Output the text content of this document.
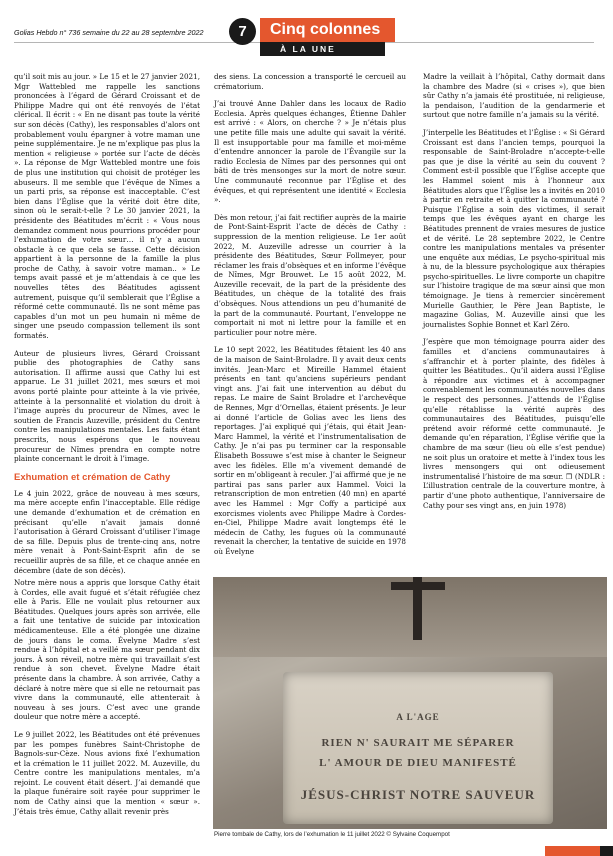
Golias Hebdo n° 736 semaine du 22 au 28 septembre 2022	7	Cinq colonnes
À LA UNE

qu’il soit mis au jour. » Le 15 et le 27 janvier 2021, Mgr Wattebled me rappelle les sanctions prononcées à l’égard de Gérard Croissant et de Philippe Madre qui ont été renvoyés de l’état clérical. Il écrit : « En ne disant pas toute la vérité sur son décès (Cathy), les responsables d’alors ont probablement voulu épargner à votre maman une peine supplémentaire. Je ne m’explique pas plus la mention « religieuse » portée sur l’acte de décès ». La réponse de Mgr Wattebled montre une fois de plus une institution qui choisit de protéger les abuseurs. Il me semble que l’évêque de Nîmes a un parti pris, sa réponse est inacceptable. C’est bien dans l’Église que la vérité doit être dite, sinon où le serait-t-elle ? Le 30 janvier 2021, la présidente des Béatitudes m’écrit : « Vous nous demandez comment nous pourrions procéder pour l’exhumation de votre sœur… il n’y a aucun obstacle à ce que cela se fasse. Cette décision appartient à la personne de la famille la plus proche de Cathy, à savoir votre maman.. » Le temps avait passé et je m’attendais à ce que les nouvelles têtes des Béatitudes agissent autrement, puisque qu’il semblerait que l’Église a réformé cette communauté. Ils ne sont même pas capables d’un mot un peu humain ni même de singer une pseudo compassion tellement ils sont formatés.

Auteur de plusieurs livres, Gérard Croissant publie des photographies de Cathy sans autorisation. Il affirme aussi que Cathy lui est apparue. Le 31 juillet 2021, mes sœurs et moi avons porté plainte pour atteinte à la vie privée, atteinte à la personnalité et violation du droit à l’image auprès du procureur de Nîmes, avec le soutien de Francis Auzeville, président du Centre contre les manipulations mentales. Les faits étant prescrits, nous espérons que le nouveau procureur de Nîmes prendra en compte notre plainte concernant le droit à l’image.

Exhumation et crémation de Cathy

Le 4 juin 2022, grâce de nouveau à mes sœurs, ma mère accepte enfin l’inacceptable. Elle rédige une demande d’exhumation et de crémation en précisant qu’elle n’avait jamais donné l’autorisation à Gérard Croissant d’utiliser l’image de sa fille. Depuis plus de trente-cinq ans, notre mère venait à Pont-Saint-Esprit afin de se recueillir auprès de sa fille, et ce chaque année en décembre (date de son décès).

Notre mère nous a appris que lorsque Cathy était à Cordes, elle avait fugué et s’était réfugiée chez elle à Paris. Elle ne voulait plus retourner aux Béatitudes. Quelques jours après son arrivée, elle a fait une tentative de suicide par intoxication médicamenteuse. Elle a été plongée une dizaine de jours dans le coma. Évelyne Madre s’est rendue à l’hôpital et a veillé ma sœur pendant dix jours. À son réveil, notre mère qui travaillait s’est rendue à son chevet. Évelyne Madre était présente dans la chambre. À son arrivée, Cathy a déclaré à notre mère que si elle ne retournait pas vivre dans la communauté, elle attenterait à nouveau à ses jours. C’est avec une grande douleur que notre mère a accepté.

Le 9 juillet 2022, les Béatitudes ont été prévenues par les pompes funèbres Saint-Christophe de Bagnols-sur-Cèze. Nous avions fixé l’exhumation et la crémation le 11 juillet 2022. M. Auzeville, du Centre contre les manipulations mentales, m’a rejoint. Le couvent était désert. J’ai demandé que la plaque funéraire soit rayée pour supprimer le nom de Cathy ainsi que la mention « sœur ». J’étais très émue, Cathy allait revenir près

des siens. La concession a transporté le cercueil au crématorium.

J’ai trouvé Anne Dahler dans les locaux de Radio Ecclesia. Après quelques échanges, Étienne Dahler est arrivé : « Alors, on cherche ? » Je n’étais plus une petite fille mais une adulte qui savait la vérité. Il est insupportable pour ma famille et moi-même d’entendre annoncer la parole de l’Évangile sur la radio Ecclesia de Nîmes par des personnes qui ont bâti de très mensonges sur la mort de notre sœur. Une communauté reconnue par l’Église et des évêques, et qui représentent une identité « Ecclesia ».

Dès mon retour, j’ai fait rectifier auprès de la mairie de Pont-Saint-Esprit l’acte de décès de Cathy : suppression de la mention religieuse. Le 1er août 2022, M. Auzeville adresse un courrier à la présidente des Béatitudes, Sœur Follmeyer, pour réclamer les frais d’obsèques et en informe l’évêque de Nîmes, Mgr Brouwet. Le 15 août 2022, M. Auzeville recevait, de la part de la présidente des Béatitudes, un chèque de la totalité des frais d’obsèques. Nous attendions un peu d’humanité de la part de la communauté. Pourtant, l’enveloppe ne comportait ni mot ni lettre pour la famille et en particulier pour notre mère.

Le 10 sept 2022, les Béatitudes fêtaient les 40 ans de la maison de Saint-Broladre. Il y avait deux cents invités. Jean-Marc et Mireille Hammel étaient présents en tant qu’anciens supérieurs pendant vingt ans. J’ai fait une intervention au début du repas. Le maire de Saint Broladre et l’archevêque de Rennes, Mgr d’Ornellas, étaient présents. Je leur ai donné l’article de Golias avec les liens des reportages. J’ai expliqué qui j’étais, qui était Jean-Marc Hammel, la vérité et l’instrumentalisation de Cathy. Je n’ai pas pu terminer car la responsable Élisabeth Bossuwe s’est mise à chanter le Seigneur avec les fidèles. Elle m’a vivement demandé de sortir en m’obligeant à reculer. J’ai affirmé que je ne partirai pas sans parler aux Hammel. Voici la retranscription de mon entretien (40 mn) en aparté avec les Hammel : Mgr Coffy a participé aux exorcismes violents avec Philippe Madre à Cordes-en-Ciel, Philippe Madre avait longtemps été le médecin de Cathy, les fugues où la communauté revenait la chercher, la tentative de suicide en 1978 où Évelyne

Madre la veillait à l’hôpital, Cathy dormait dans la chambre des Madre (si « crises »), que bien sûr Cathy n’a jamais été prostituée, ni religieuse, la pendaison, l’audition de la gendarmerie et surtout que notre famille n’a jamais su la vérité.

J’interpelle les Béatitudes et l’Église : « Si Gérard Croissant est dans l’ancien temps, pourquoi la responsable de Saint-Broladre n’accepte-t-elle pas que je dise la vérité au sein du couvent ? Comment est-il possible que l’Église accepte que les Hammel soient mis à l’honneur aux Béatitudes alors que l’Église les a invités en 2010 à partir en retraite et à quitter la communauté ? Puisque l’Église a soin des victimes, il serait temps que les évêques ayant en charge les Béatitudes prennent de vraies mesures de justice et de vérité. Le 28 septembre 2022, le Centre contre les manipulations mentales va présenter une enquête aux médias, Le psycho-spiritual mis à nu, de la blessure psychologique aux thérapies psycho-spirituelles. Le livre comporte un chapitre sur l’histoire tragique de ma sœur ainsi que mon témoignage. Je tiens à remercier sincèrement Murielle Gauthier, le Père Jean Baptiste, le magazine Golias, M. Auzeville ainsi que les journalistes Sophie Bonnet et Karl Zéro.

J’espère que mon témoignage pourra aider des familles et d’anciens communautaires à s’affranchir et à porter plainte, des fidèles à quitter les Béatitudes.. Qu’il aidera aussi l’Église à répondre aux victimes et à accompagner convenablement les communautés nouvelles dans le respect des personnes. J’attends de l’Église qu’elle rétablisse la vérité auprès des communautaires des Béatitudes, puisqu’elle prétend avoir réformé cette communauté. Je demande qu’en réparation, l’Église vérifie que la chambre de ma sœur (lieu où elle s’est pendue) ne soit plus un oratoire et mette à l’index tous les livres mensongers qui ont odieusement instrumentalisé l’histoire de ma sœur. ❒ (NDLR : L’illustration centrale de la couverture montre, à partir d’une photo authentique, l’anniversaire de Cathy pour ses vingt ans, en juin 1978)

A L'AGE
RIEN N' SAURAIT ME SÉPARER
L' AMOUR DE DIEU MANIFESTÉ
JÉSUS-CHRIST NOTRE SAUVEUR
Pierre tombale de Cathy, lors de l’exhumation le 11 juillet 2022 © Sylvaine Coquempot
